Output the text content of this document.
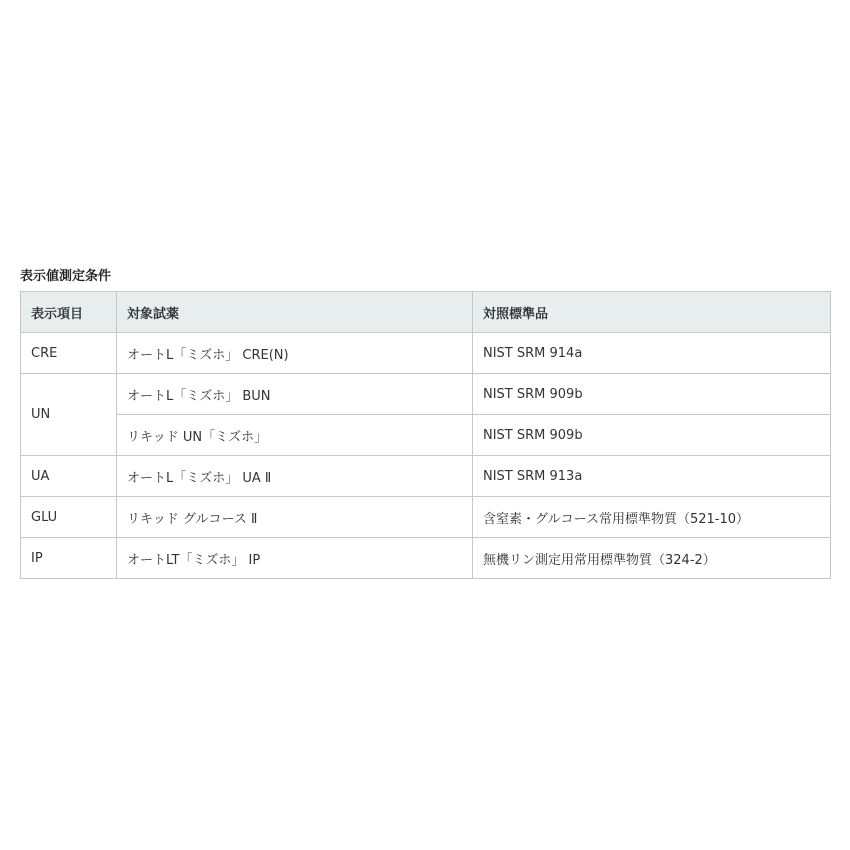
表示値測定条件
表示項目	対象試薬	対照標準品
CRE	オートL「ミズホ」 CRE(N)	NIST SRM 914a
UN	オートL「ミズホ」 BUN	NIST SRM 909b
	リキッド UN「ミズホ」	NIST SRM 909b
UA	オートL「ミズホ」 UA Ⅱ	NIST SRM 913a
GLU	リキッド グルコース Ⅱ	含窒素・グルコース常用標準物質（521-10）
IP	オートLT「ミズホ」 IP	無機リン測定用常用標準物質（324-2）
